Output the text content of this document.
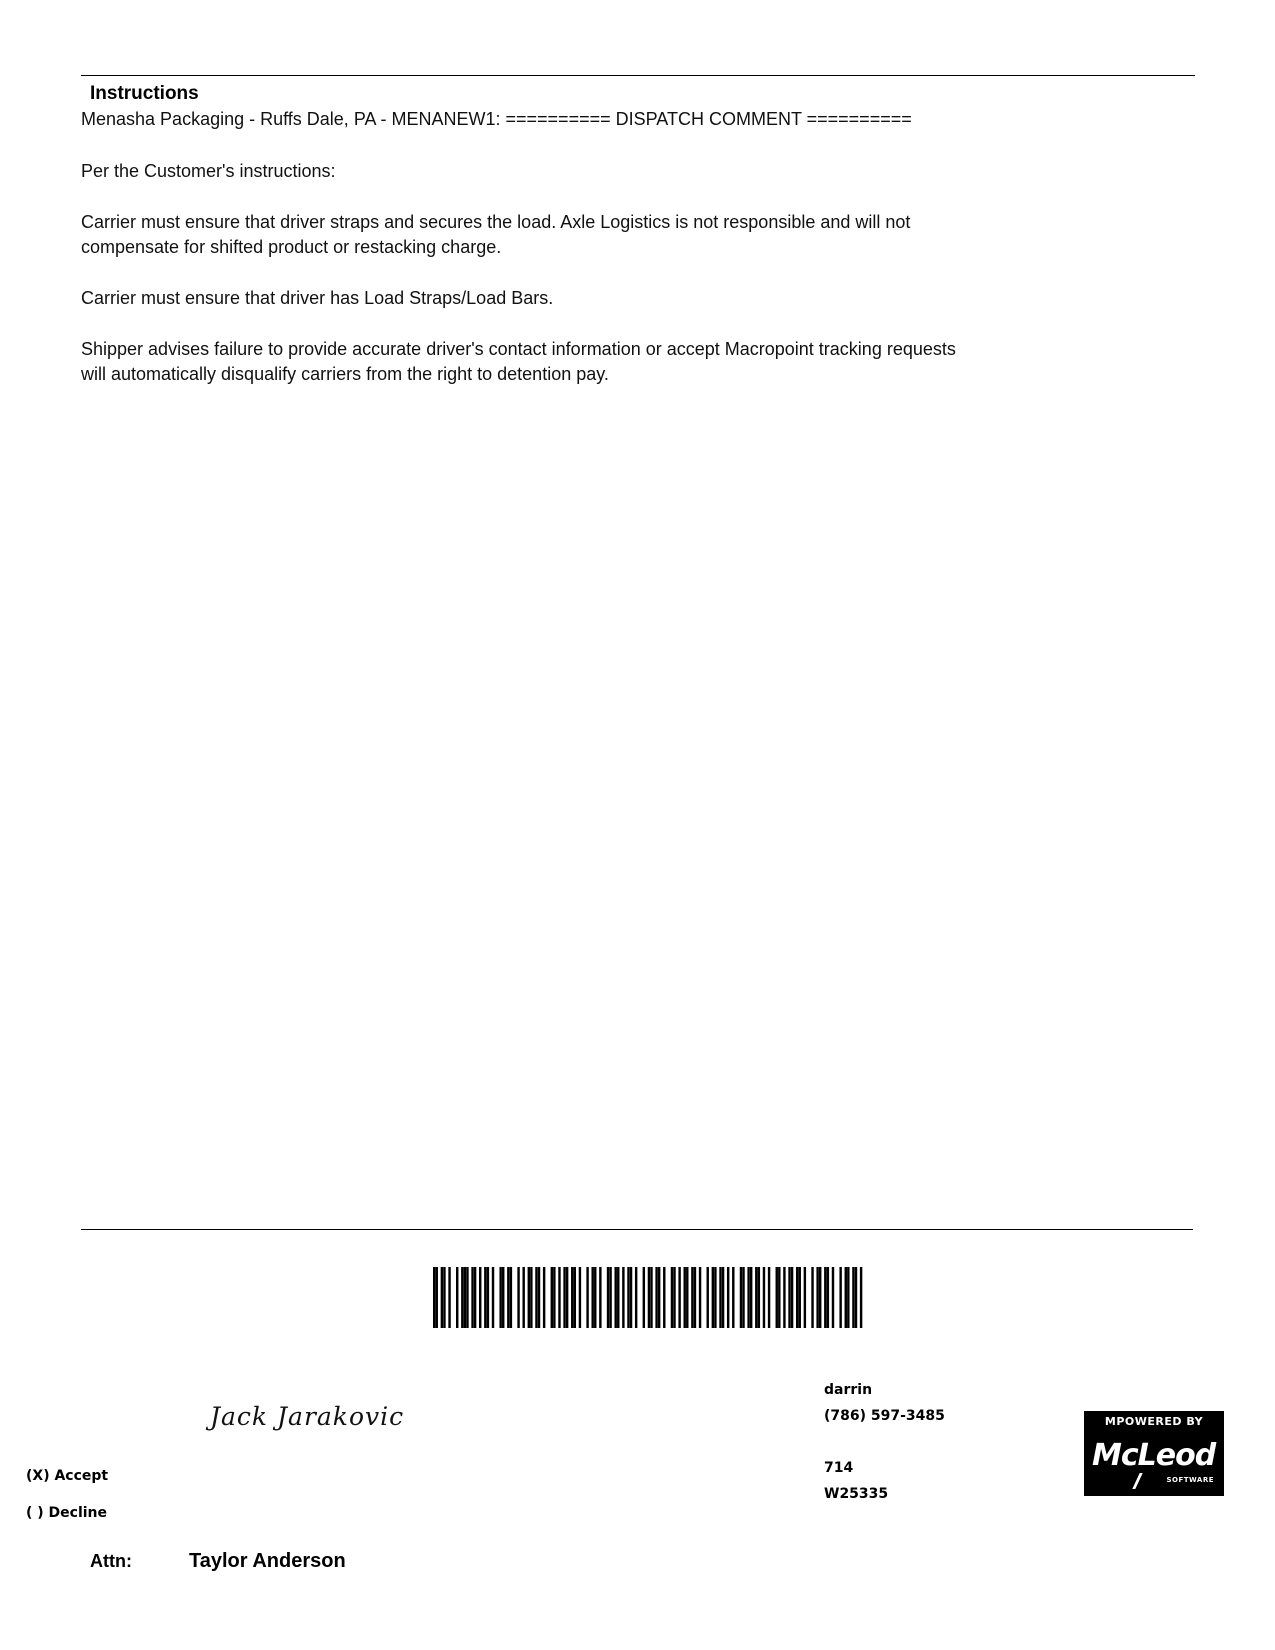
Instructions

Menasha Packaging - Ruffs Dale, PA - MENANEW1: ========== DISPATCH COMMENT ==========

Per the Customer's instructions:

Carrier must ensure that driver straps and secures the load. Axle Logistics is not responsible and will not

compensate for shifted product or restacking charge.

Carrier must ensure that driver has Load Straps/Load Bars.

Shipper advises failure to provide accurate driver's contact information or accept Macropoint tracking requests

will automatically disqualify carriers from the right to detention pay.

Jack Jarakovic

darrin

(786) 597-3485

714

W25335

(X) Accept

( ) Decline

Attn:	Taylor Anderson

MPOWERED BY
McLeod
SOFTWARE
